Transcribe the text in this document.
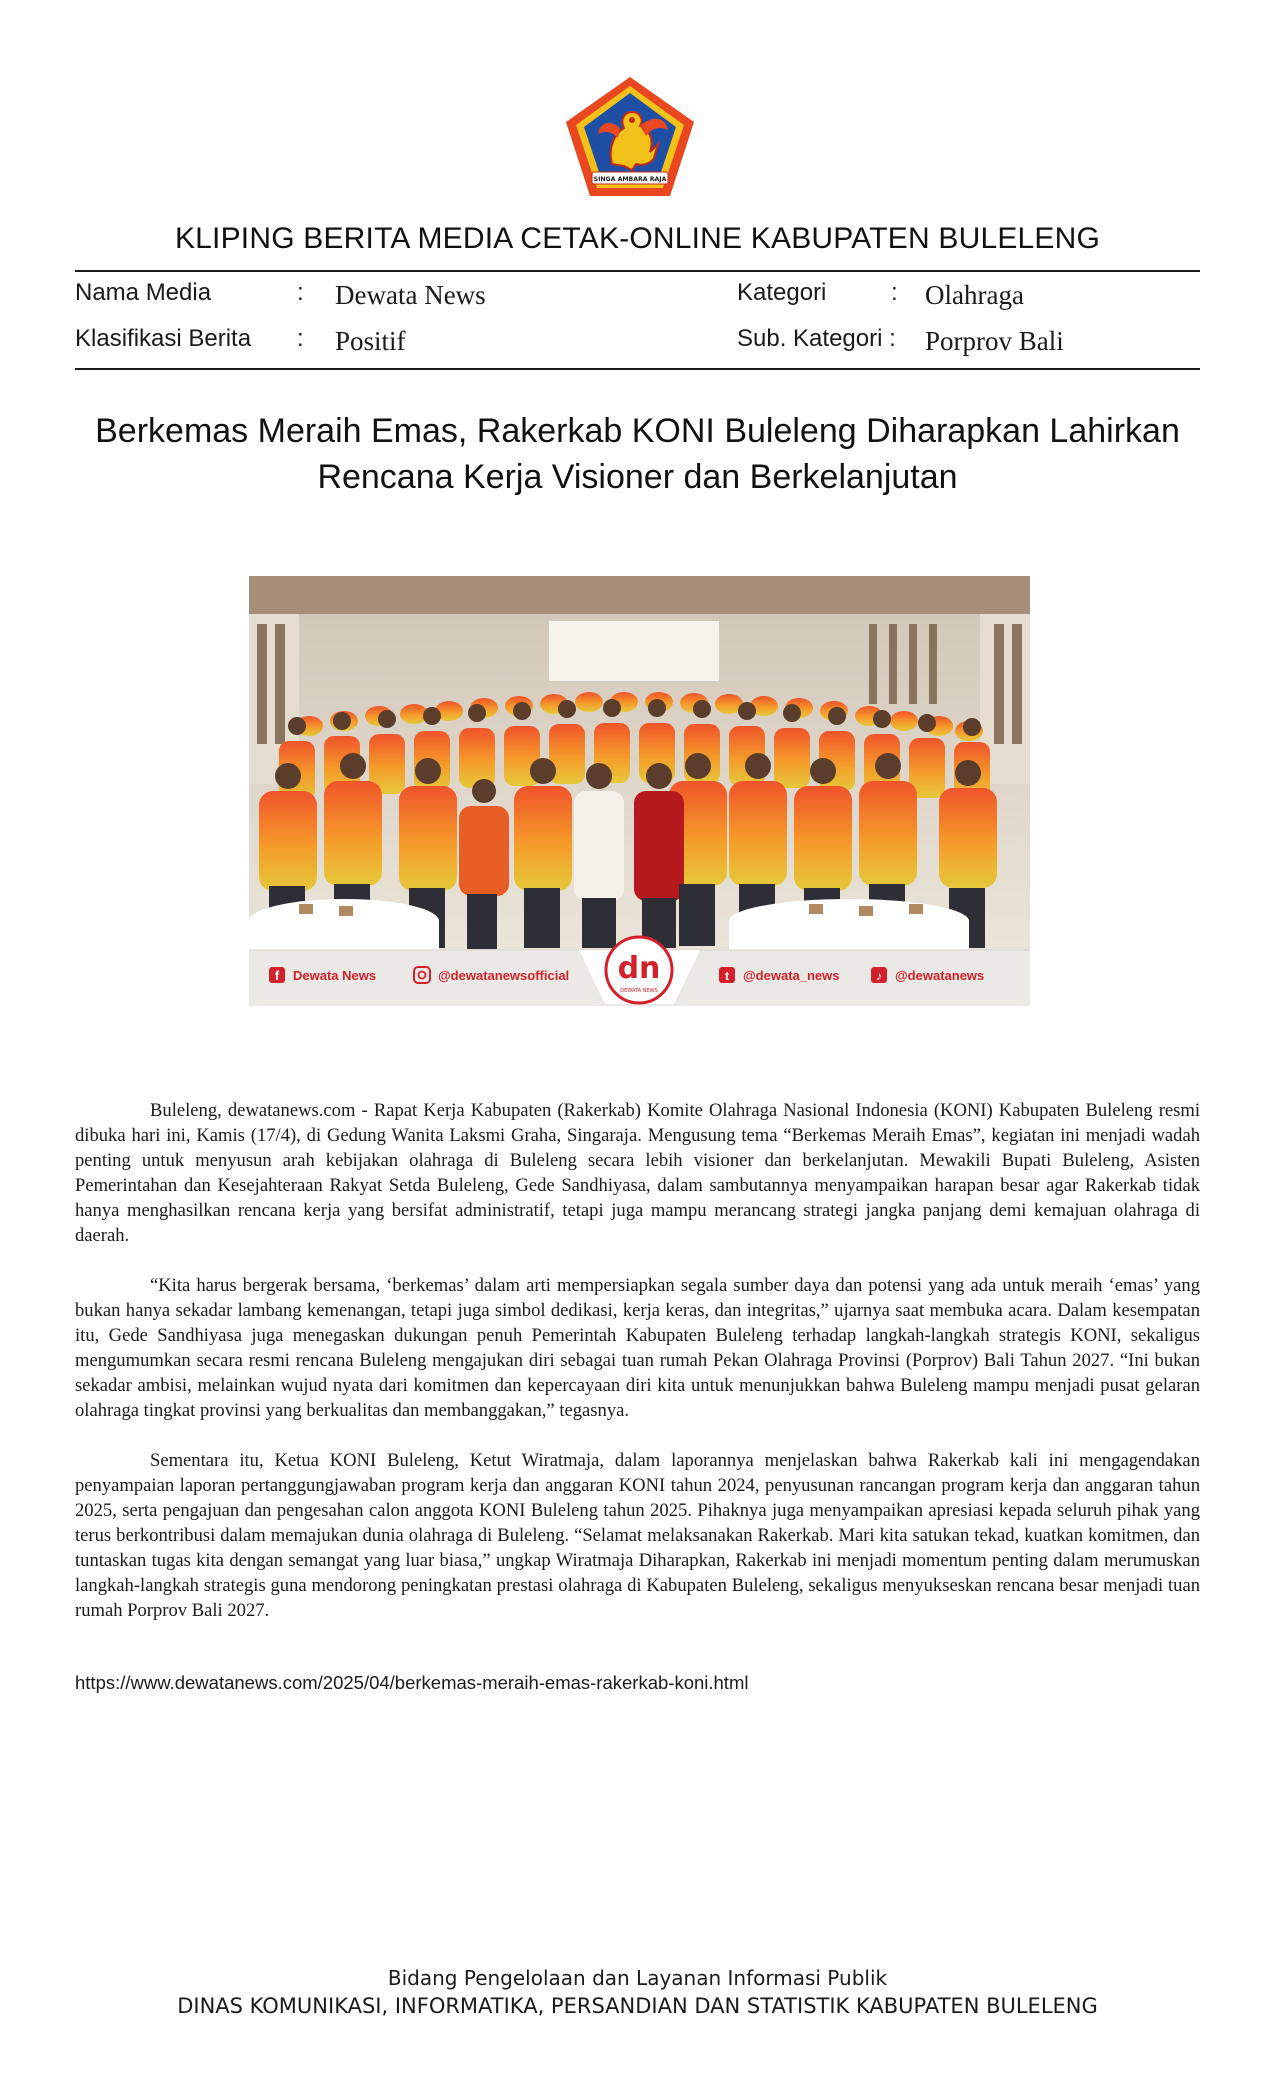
SINGA AMBARA RAJA
KLIPING BERITA MEDIA CETAK-ONLINE KABUPATEN BULELENG
Nama Media	: Dewata News	Kategori	: Olahraga
Klasifikasi Berita : Positif	Sub. Kategori : Porprov Bali
Berkemas Meraih Emas, Rakerkab KONI Buleleng Diharapkan Lahirkan
Rencana Kerja Visioner dan Berkelanjutan
f Dewata News	@dewatanewsofficial dn
DEWATA NEWS
t @dewata_news	♪ @dewatanews

Buleleng, dewatanews.com - Rapat Kerja Kabupaten (Rakerkab) Komite Olahraga Nasional Indonesia (KONI) Kabupaten Buleleng resmi dibuka hari ini, Kamis (17/4), di Gedung Wanita Laksmi Graha, Singaraja. Mengusung tema “Berkemas Meraih Emas”, kegiatan ini menjadi wadah penting untuk menyusun arah kebijakan olahraga di Buleleng secara lebih visioner dan berkelanjutan. Mewakili Bupati Buleleng, Asisten Pemerintahan dan Kesejahteraan Rakyat Setda Buleleng, Gede Sandhiyasa, dalam sambutannya menyampaikan harapan besar agar Rakerkab tidak hanya menghasilkan rencana kerja yang bersifat administratif, tetapi juga mampu merancang strategi jangka panjang demi kemajuan olahraga di daerah.

“Kita harus bergerak bersama, ‘berkemas’ dalam arti mempersiapkan segala sumber daya dan potensi yang ada untuk meraih ‘emas’ yang bukan hanya sekadar lambang kemenangan, tetapi juga simbol dedikasi, kerja keras, dan integritas,” ujarnya saat membuka acara. Dalam kesempatan itu, Gede Sandhiyasa juga menegaskan dukungan penuh Pemerintah Kabupaten Buleleng terhadap langkah-langkah strategis KONI, sekaligus mengumumkan secara resmi rencana Buleleng mengajukan diri sebagai tuan rumah Pekan Olahraga Provinsi (Porprov) Bali Tahun 2027. “Ini bukan sekadar ambisi, melainkan wujud nyata dari komitmen dan kepercayaan diri kita untuk menunjukkan bahwa Buleleng mampu menjadi pusat gelaran olahraga tingkat provinsi yang berkualitas dan membanggakan,” tegasnya.

Sementara itu, Ketua KONI Buleleng, Ketut Wiratmaja, dalam laporannya menjelaskan bahwa Rakerkab kali ini mengagendakan penyampaian laporan pertanggungjawaban program kerja dan anggaran KONI tahun 2024, penyusunan rancangan program kerja dan anggaran tahun 2025, serta pengajuan dan pengesahan calon anggota KONI Buleleng tahun 2025. Pihaknya juga menyampaikan apresiasi kepada seluruh pihak yang terus berkontribusi dalam memajukan dunia olahraga di Buleleng. “Selamat melaksanakan Rakerkab. Mari kita satukan tekad, kuatkan komitmen, dan tuntaskan tugas kita dengan semangat yang luar biasa,” ungkap Wiratmaja Diharapkan, Rakerkab ini menjadi momentum penting dalam merumuskan langkah-langkah strategis guna mendorong peningkatan prestasi olahraga di Kabupaten Buleleng, sekaligus menyukseskan rencana besar menjadi tuan rumah Porprov Bali 2027.

https://www.dewatanews.com/2025/04/berkemas-meraih-emas-rakerkab-koni.html
Bidang Pengelolaan dan Layanan Informasi Publik
DINAS KOMUNIKASI, INFORMATIKA, PERSANDIAN DAN STATISTIK KABUPATEN BULELENG
